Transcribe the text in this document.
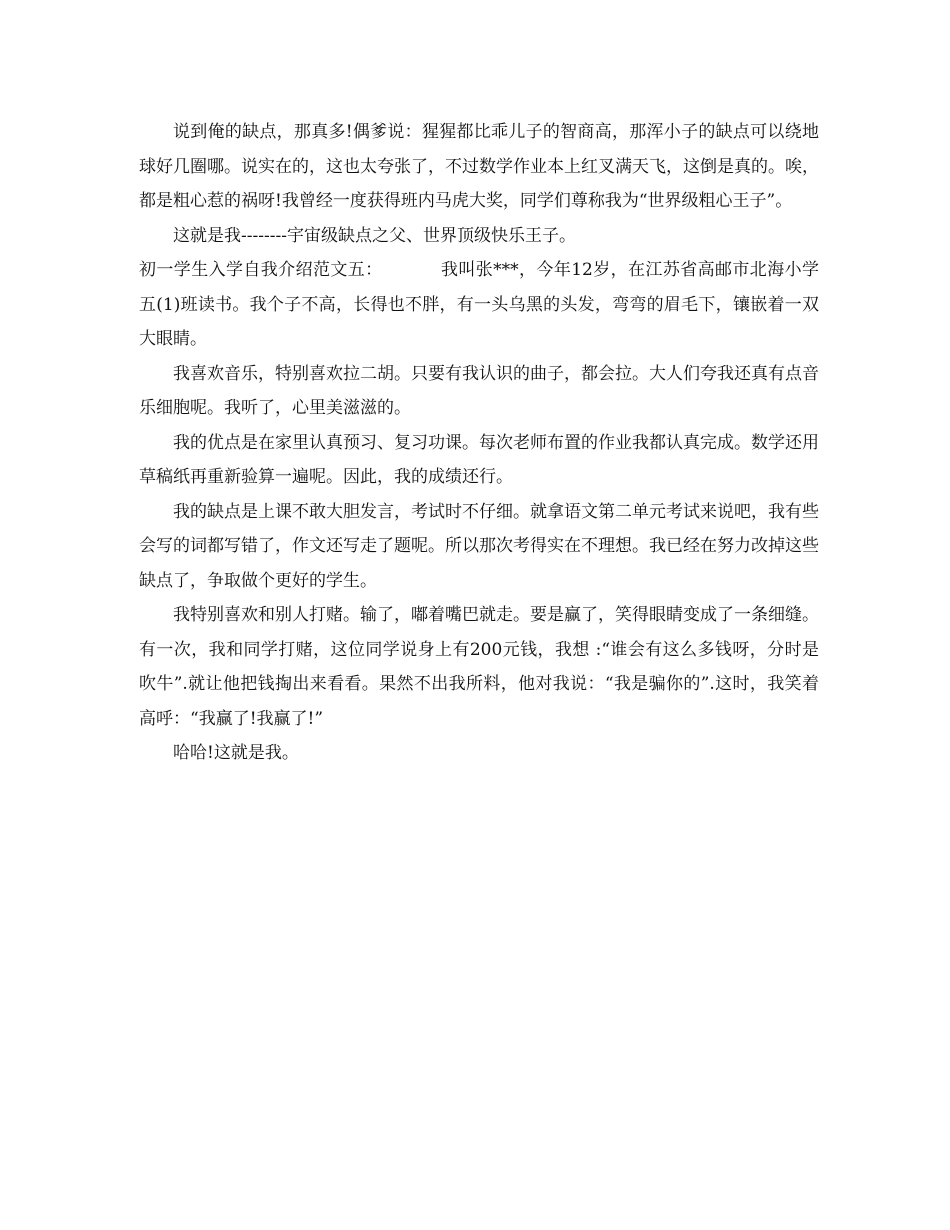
说到俺的缺点，那真多!偶爹说：猩猩都比乖儿子的智商高，那浑小子的缺点可以绕地球好几圈哪。说实在的，这也太夸张了，不过数学作业本上红叉满天飞，这倒是真的。唉，都是粗心惹的祸呀!我曾经一度获得班内马虎大奖，同学们尊称我为“世界级粗心王子”。

这就是我--------宇宙级缺点之父、世界顶级快乐王子。

初一学生入学自我介绍范文五：	我叫张***，今年12岁，在江苏省高邮市北海小学五(1)班读书。我个子不高，长得也不胖，有一头乌黑的头发，弯弯的眉毛下，镶嵌着一双大眼睛。

我喜欢音乐，特别喜欢拉二胡。只要有我认识的曲子，都会拉。大人们夸我还真有点音乐细胞呢。我听了，心里美滋滋的。

我的优点是在家里认真预习、复习功课。每次老师布置的作业我都认真完成。数学还用草稿纸再重新验算一遍呢。因此，我的成绩还行。

我的缺点是上课不敢大胆发言，考试时不仔细。就拿语文第二单元考试来说吧，我有些会写的词都写错了，作文还写走了题呢。所以那次考得实在不理想。我已经在努力改掉这些缺点了，争取做个更好的学生。

我特别喜欢和别人打赌。输了，嘟着嘴巴就走。要是赢了，笑得眼睛变成了一条细缝。有一次，我和同学打赌，这位同学说身上有200元钱，我想 :“谁会有这么多钱呀，分时是吹牛”.就让他把钱掏出来看看。果然不出我所料，他对我说：“我是骗你的”.这时，我笑着高呼：“我赢了!我赢了!”

哈哈!这就是我。
